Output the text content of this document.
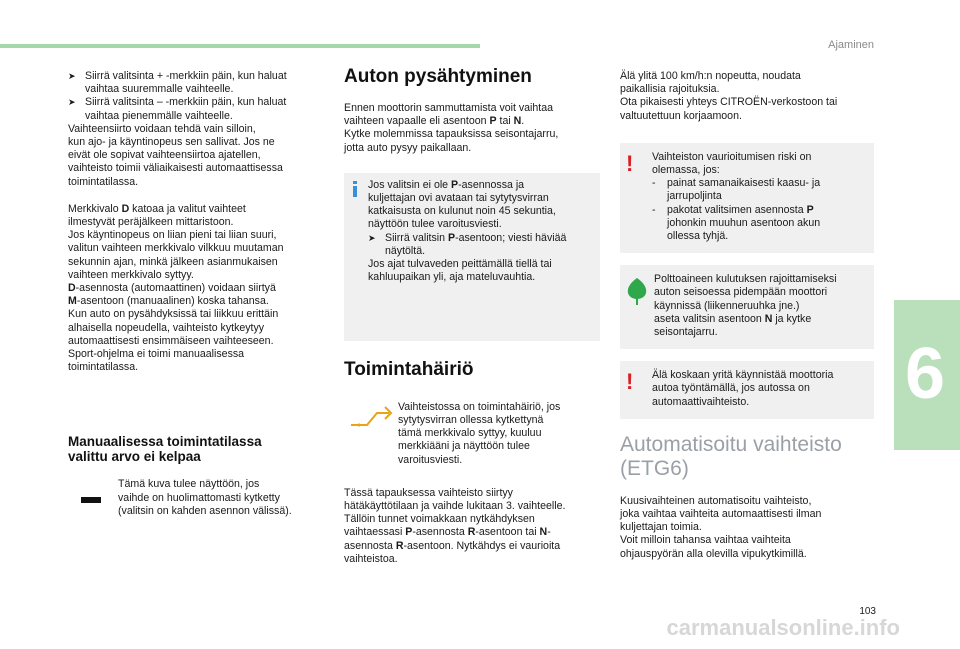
Ajaminen
6
103
carmanualsonline.info
➤ Siirrä valitsinta + -merkkiin päin, kun haluat
vaihtaa suuremmalle vaihteelle.
➤ Siirrä valitsinta – -merkkiin päin, kun haluat
vaihtaa pienemmälle vaihteelle.

Vaihteensiirto voidaan tehdä vain silloin,
kun ajo- ja käyntinopeus sen sallivat. Jos ne
eivät ole sopivat vaihteensiirtoa ajatellen,
vaihteisto toimii väliaikaisesti automaattisessa
toimintatilassa.

Merkkivalo D katoaa ja valitut vaihteet
ilmestyvät peräjälkeen mittaristoon.
Jos käyntinopeus on liian pieni tai liian suuri,
valitun vaihteen merkkivalo vilkkuu muutaman
sekunnin ajan, minkä jälkeen asianmukaisen
vaihteen merkkivalo syttyy.

D-asennosta (automaattinen) voidaan siirtyä
M-asentoon (manuaalinen) koska tahansa.
Kun auto on pysähdyksissä tai liikkuu erittäin
alhaisella nopeudella, vaihteisto kytkeytyy
automaattisesti ensimmäiseen vaihteeseen.
Sport-ohjelma ei toimi manuaalisessa
toimintatilassa.

Manuaalisessa toimintatilassa
valittu arvo ei kelpaa

Tämä kuva tulee näyttöön, jos
vaihde on huolimattomasti kytketty
(valitsin on kahden asennon välissä).

Auton pysähtyminen

Ennen moottorin sammuttamista voit vaihtaa
vaihteen vapaalle eli asentoon P tai N.

Kytke molemmissa tapauksissa seisontajarru,
jotta auto pysyy paikallaan.

Jos valitsin ei ole P-asennossa ja
kuljettajan ovi avataan tai sytytysvirran
katkaisusta on kulunut noin 45 sekuntia,
näyttöön tulee varoitusviesti.

➤ Siirrä valitsin P-asentoon; viesti häviää
näytöltä.

Jos ajat tulvaveden peittämällä tiellä tai
kahluupaikan yli, aja mateluvauhtia.

Toimintahäiriö

Vaihteistossa on toimintahäiriö, jos
sytytysvirran ollessa kytkettynä
tämä merkkivalo syttyy, kuuluu
merkkiääni ja näyttöön tulee
varoitusviesti.

Tässä tapauksessa vaihteisto siirtyy
hätäkäyttötilaan ja vaihde lukitaan 3. vaihteelle.
Tällöin tunnet voimakkaan nytkähdyksen
vaihtaessasi P-asennosta R-asentoon tai N-
asennosta R-asentoon. Nytkähdys ei vaurioita
vaihteistoa.

Älä ylitä 100 km/h:n nopeutta, noudata
paikallisia rajoituksia.
Ota pikaisesti yhteys CITROËN-verkostoon tai
valtuutettuun korjaamoon.

!	Vaihteiston vaurioitumisen riski on
olemassa, jos:

-	painat samanaikaisesti kaasu- ja
jarrupoljinta
-	pakotat valitsimen asennosta P
johonkin muuhun asentoon akun
ollessa tyhjä.

Polttoaineen kulutuksen rajoittamiseksi
auton seisoessa pidempään moottori
käynnissä (liikenneruuhka jne.)
aseta valitsin asentoon N ja kytke
seisontajarru.

!	Älä koskaan yritä käynnistää moottoria
autoa työntämällä, jos autossa on
automaattivaihteisto.

Automatisoitu vaihteisto
(ETG6)

Kuusivaihteinen automatisoitu vaihteisto,
joka vaihtaa vaihteita automaattisesti ilman
kuljettajan toimia.
Voit milloin tahansa vaihtaa vaihteita
ohjauspyörän alla olevilla vipukytkimillä.
